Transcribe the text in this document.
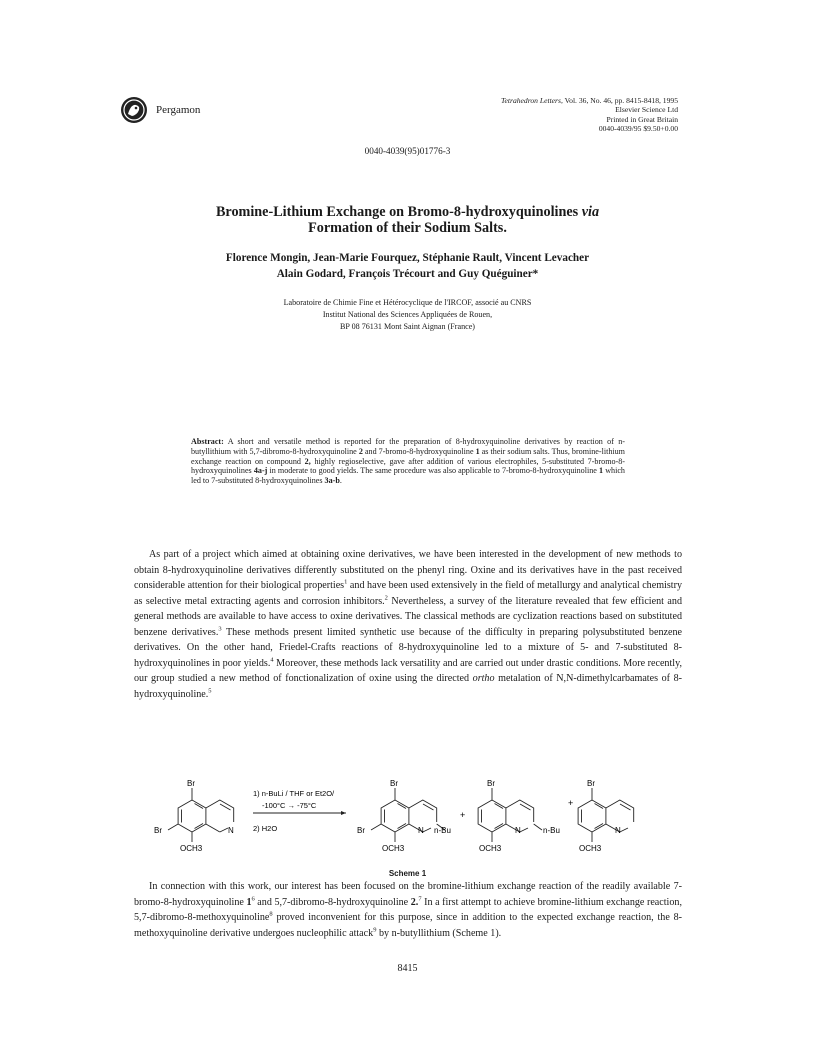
Pergamon
Tetrahedron Letters, Vol. 36, No. 46, pp. 8415-8418, 1995
Elsevier Science Ltd
Printed in Great Britain
0040-4039/95 $9.50+0.00
0040-4039(95)01776-3
Bromine-Lithium Exchange on Bromo-8-hydroxyquinolines via
Formation of their Sodium Salts.
Florence Mongin, Jean-Marie Fourquez, Stéphanie Rault, Vincent Levacher
Alain Godard, François Trécourt and Guy Quéguiner*
Laboratoire de Chimie Fine et Hétérocyclique de l'IRCOF, associé au CNRS
Institut National des Sciences Appliquées de Rouen,
BP 08 76131 Mont Saint Aignan (France)
Abstract: A short and versatile method is reported for the preparation of 8-hydroxyquinoline derivatives by reaction of n-butyllithium with 5,7-dibromo-8-hydroxyquinoline 2 and 7-bromo-8-hydroxyquinoline 1 as their sodium salts. Thus, bromine-lithium exchange reaction on compound 2, highly regioselective, gave after addition of various electrophiles, 5-substituted 7-bromo-8-hydroxyquinolines 4a-j in moderate to good yields. The same procedure was also applicable to 7-bromo-8-hydroxyquinoline 1 which led to 7-substituted 8-hydroxyquinolines 3a-b.
As part of a project which aimed at obtaining oxine derivatives, we have been interested in the development of new methods to obtain 8-hydroxyquinoline derivatives differently substituted on the phenyl ring. Oxine and its derivatives have in the past received considerable attention for their biological properties$^1$ and have been used extensively in the field of metallurgy and analytical chemistry as selective metal extracting agents and corrosion inhibitors.$^2$ Nevertheless, a survey of the literature revealed that few efficient and general methods are available to have access to oxine derivatives. The classical methods are cyclization reactions based on substituted benzene derivatives.$^3$ These methods present limited synthetic use because of the difficulty in preparing polysubstituted benzene derivatives. On the other hand, Friedel-Crafts reactions of 8-hydroxyquinoline led to a mixture of 5- and 7-substituted 8-hydroxyquinolines in poor yields.$^4$ Moreover, these methods lack versatility and are carried out under drastic conditions. More recently, our group studied a new method of fonctionalization of oxine using the directed ortho metalation of N,N-dimethylcarbamates of 8-hydroxyquinoline.$^5$
Br
Br	N
OCH3
1) n-BuLi / THF or Et2O/
-100°C → -75°C
2) H2O
Br
Br	N n-Bu
OCH3
+
Br
N	n-Bu
OCH3
+
Br
N
OCH3
Scheme 1
In connection with this work, our interest has been focused on the bromine-lithium exchange reaction of the readily available 7-bromo-8-hydroxyquinoline $1^6$ and 5,7-dibromo-8-hydroxyquinoline 2.$^7$ In a first attempt to achieve bromine-lithium exchange reaction, 5,7-dibromo-8-methoxyquinoline$^8$ proved inconvenient for this purpose, since in addition to the expected exchange reaction, the 8-methoxyquinoline derivative undergoes nucleophilic attack$^9$ by n-butyllithium (Scheme 1).
8415
